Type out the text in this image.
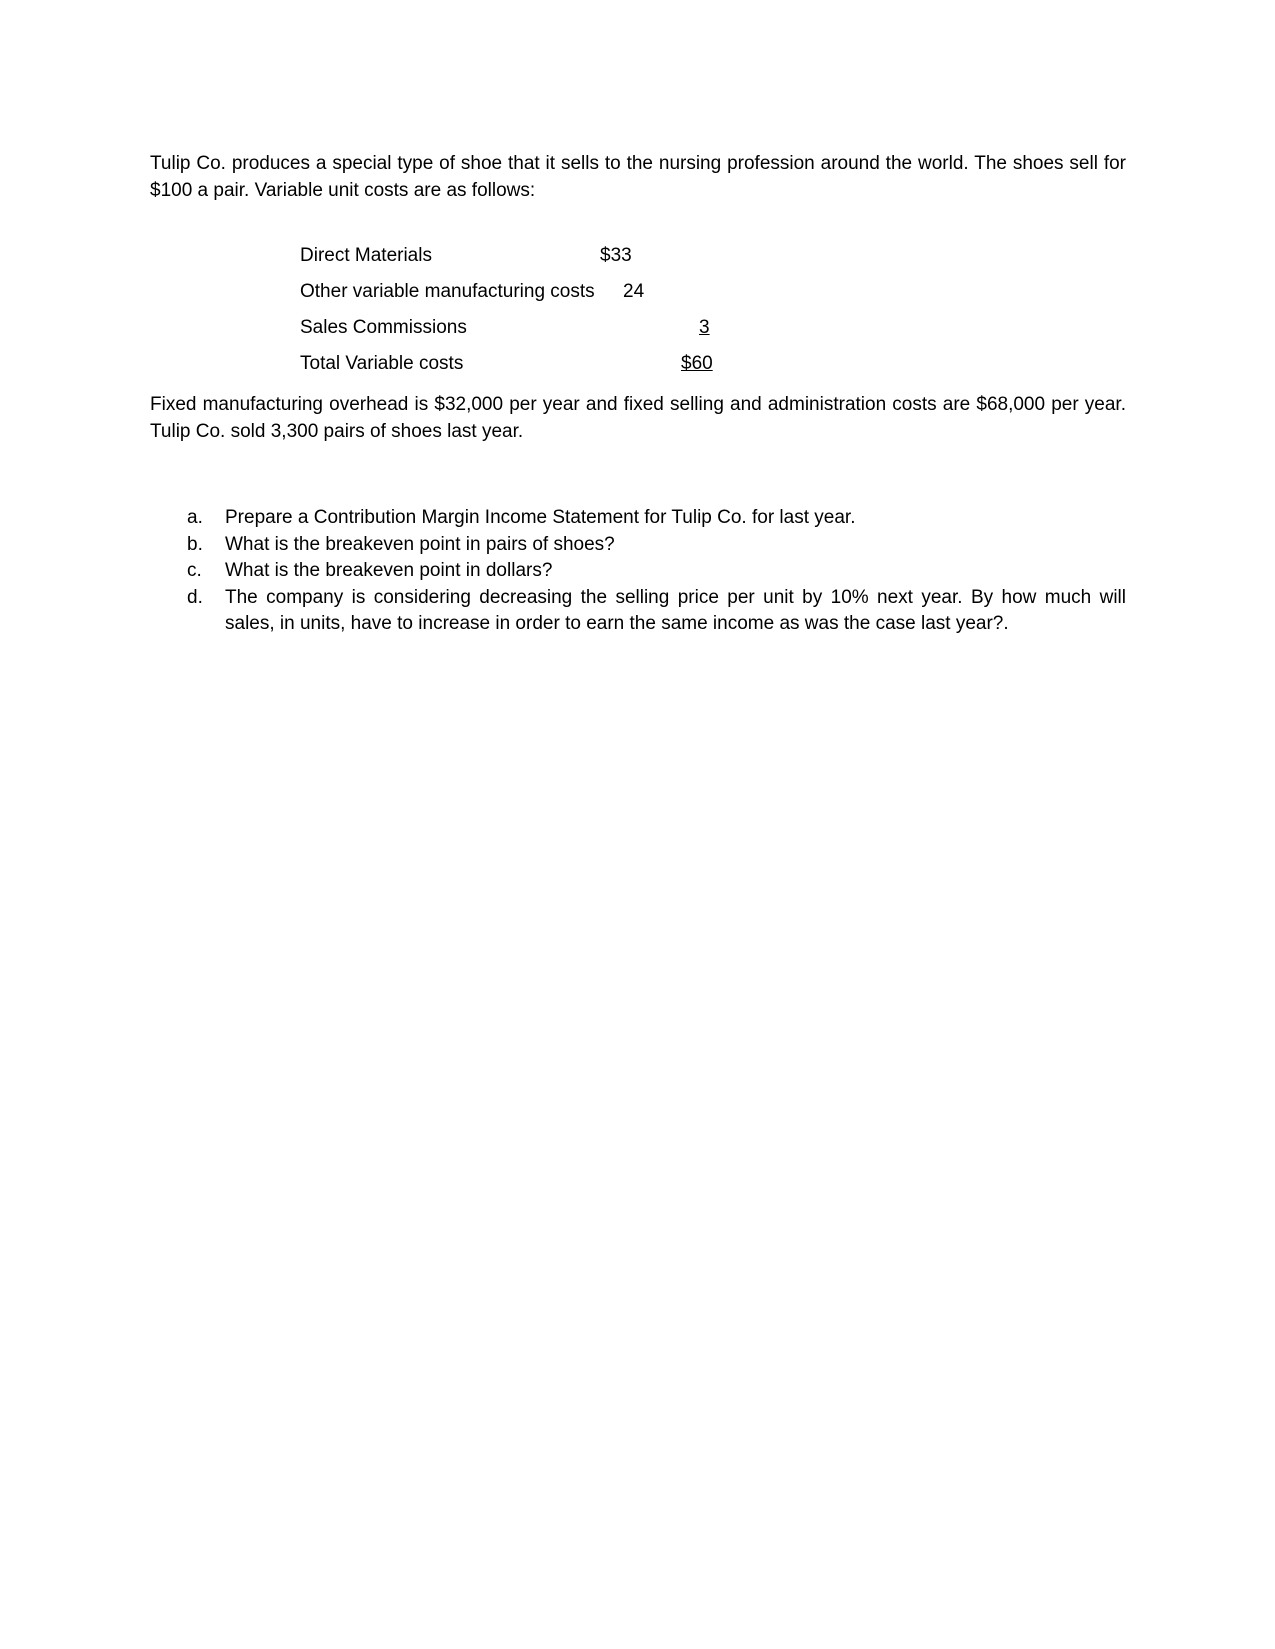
Tulip Co. produces a special type of shoe that it sells to the nursing profession around the world. The shoes sell for $100 a pair. Variable unit costs are as follows:

Direct Materials	$33
Other variable manufacturing costs 24
Sales Commissions	3
Total Variable costs	$60

Fixed manufacturing overhead is $32,000 per year and fixed selling and administration costs are $68,000 per year. Tulip Co. sold 3,300 pairs of shoes last year.

a. Prepare a Contribution Margin Income Statement for Tulip Co. for last year.
b. What is the breakeven point in pairs of shoes?
c. What is the breakeven point in dollars?
d. The company is considering decreasing the selling price per unit by 10% next year. By how much will sales, in units, have to increase in order to earn the same income as was the case last year?.
